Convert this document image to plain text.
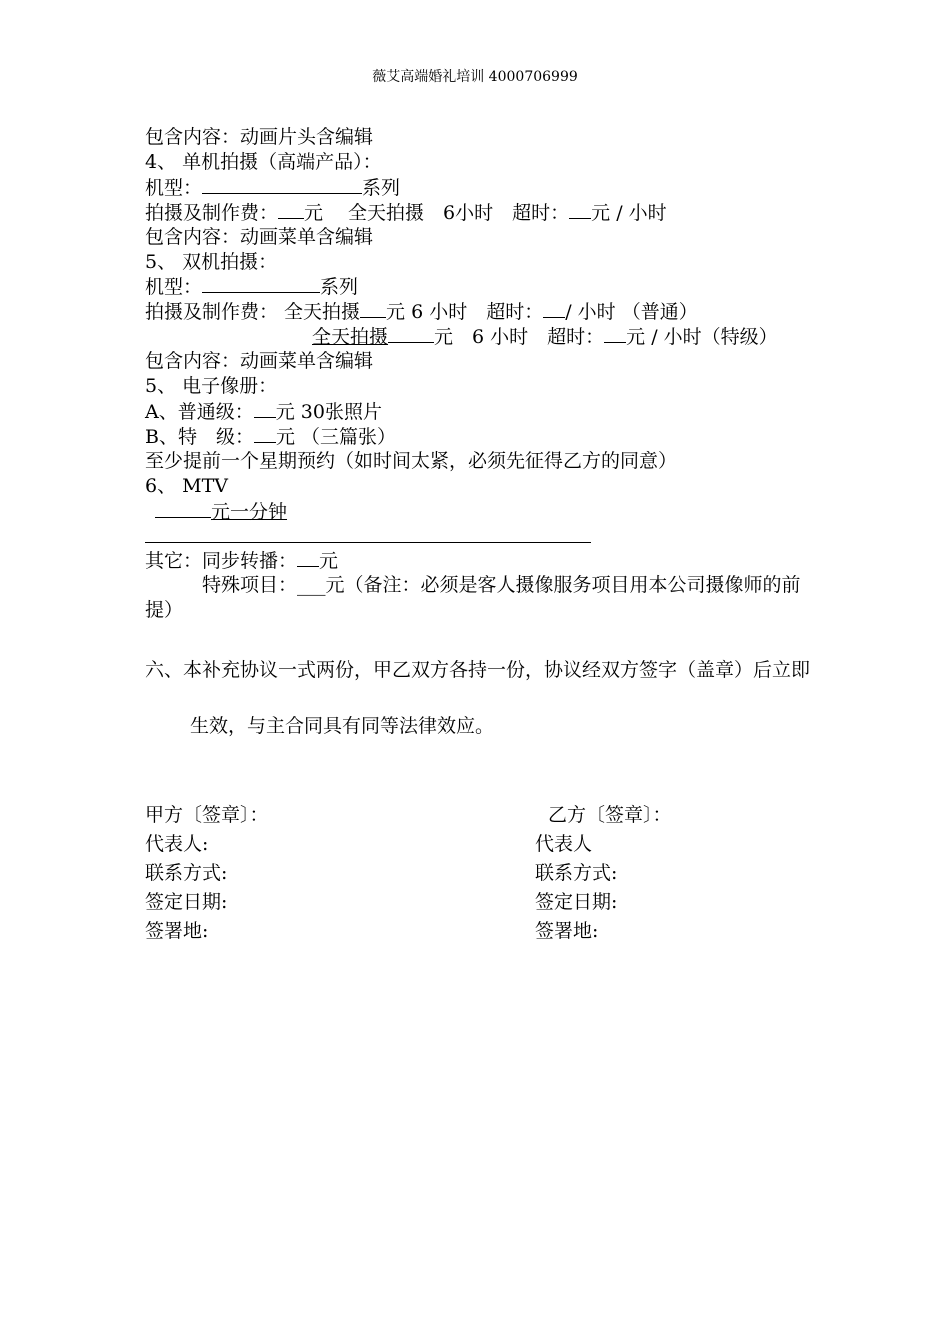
薇艾高端婚礼培训 4000706999
包含内容：动画片头含编辑
4、 单机拍摄（高端产品）：
机型：	系列
拍摄及制作费： 元 　全天拍摄　6小时　超时： 元 / 小时
包含内容：动画菜单含编辑
5、 双机拍摄：
机型：	系列
拍摄及制作费： 全天拍摄 元 6 小时　超时： / 小时 （普通）
全天拍摄 元　6 小时　超时： 元 / 小时（特级）
包含内容：动画菜单含编辑
5、 电子像册：
A、普通级： 元 30张照片
B、特　级： 元 （三篇张）
至少提前一个星期预约（如时间太紧，必须先征得乙方的同意）
6、 MTV
元一分钟
其它：同步转播： 元
特殊项目：___元（备注：必须是客人摄像服务项目用本公司摄像师的前提）
六、本补充协议一式两份，甲乙双方各持一份，协议经双方签字（盖章）后立即
生效，与主合同具有同等法律效应。
甲方〔签章〕：
代表人:
联系方式:
签定日期:
签署地:
乙方〔签章〕：
代表人
联系方式:
签定日期:
签署地:
